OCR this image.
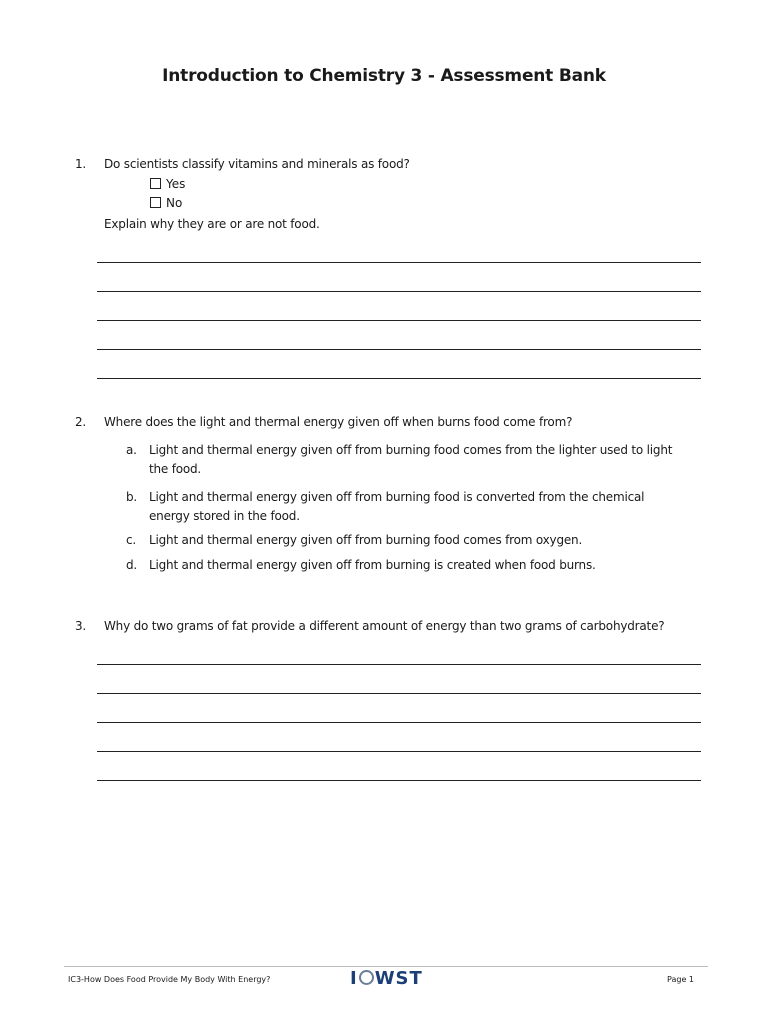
Introduction to Chemistry 3 - Assessment Bank
1. Do scientists classify vitamins and minerals as food?
Yes
No
Explain why they are or are not food.
2. Where does the light and thermal energy given off when burns food come from?
a. Light and thermal energy given off from burning food comes from the lighter used to light the food.
b. Light and thermal energy given off from burning food is converted from the chemical energy stored in the food.
c. Light and thermal energy given off from burning food comes from oxygen.
d. Light and thermal energy given off from burning is created when food burns.
3. Why do two grams of fat provide a different amount of energy than two grams of carbohydrate?
IC3-How Does Food Provide My Body With Energy?	I WST	Page 1
